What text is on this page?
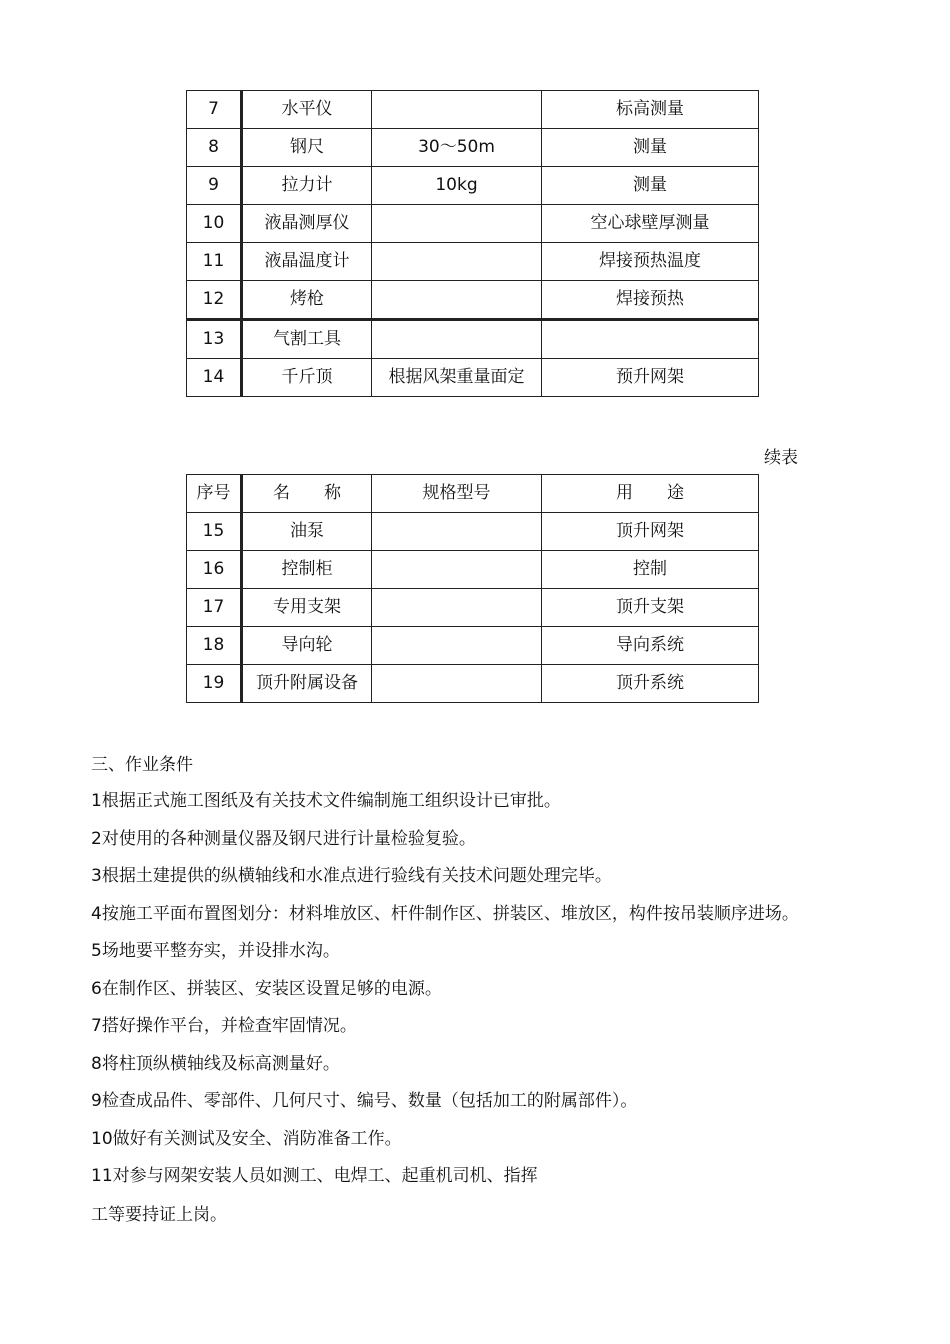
7	水平仪		标高测量
8	钢尺	30～50m	测量
9	拉力计	10kg	测量
10	液晶测厚仪		空心球壁厚测量
11	液晶温度计		焊接预热温度
12	烤枪		焊接预热
13	气割工具		
14	千斤顶	根据风架重量面定	预升网架
续表
序号	名　　称	规格型号	用　　途
15	油泵		顶升网架
16	控制柜		控制
17	专用支架		顶升支架
18	导向轮		导向系统
19	顶升附属设备		顶升系统
三、作业条件
1根据正式施工图纸及有关技术文件编制施工组织设计已审批。
2对使用的各种测量仪器及钢尺进行计量检验复验。
3根据土建提供的纵横轴线和水准点进行验线有关技术问题处理完毕。
4按施工平面布置图划分：材料堆放区、杆件制作区、拼装区、堆放区，构件按吊装顺序进场。
5场地要平整夯实，并设排水沟。
6在制作区、拼装区、安装区设置足够的电源。
7搭好操作平台，并检查牢固情况。
8将柱顶纵横轴线及标高测量好。
9检查成品件、零部件、几何尺寸、编号、数量（包括加工的附属部件）。
10做好有关测试及安全、消防准备工作。
11对参与网架安装人员如测工、电焊工、起重机司机、指挥
工等要持证上岗。
